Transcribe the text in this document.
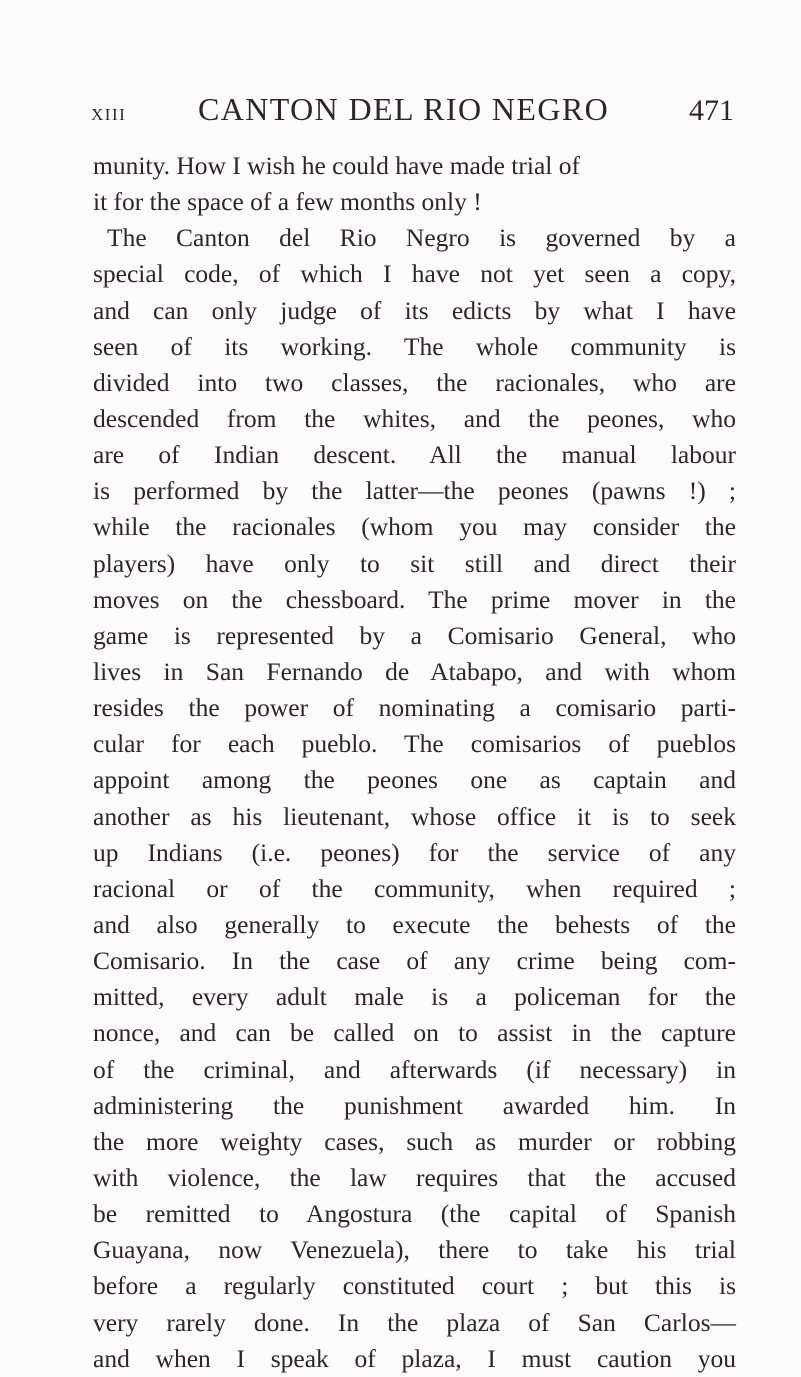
XIII CANTON DEL RIO NEGRO	471
munity. How I wish he could have made trial of
it for the space of a few months only !
The Canton del Rio Negro is governed by a
special code, of which I have not yet seen a copy,
and can only judge of its edicts by what I have
seen of its working. The whole community is
divided into two classes, the racionales, who are
descended from the whites, and the peones, who
are of Indian descent. All the manual labour
is performed by the latter—the peones (pawns !) ;
while the racionales (whom you may consider the
players) have only to sit still and direct their
moves on the chessboard. The prime mover in the
game is represented by a Comisario General, who
lives in San Fernando de Atabapo, and with whom
resides the power of nominating a comisario parti-
cular for each pueblo. The comisarios of pueblos
appoint among the peones one as captain and
another as his lieutenant, whose office it is to seek
up Indians (i.e. peones) for the service of any
racional or of the community, when required ;
and also generally to execute the behests of the
Comisario. In the case of any crime being com-
mitted, every adult male is a policeman for the
nonce, and can be called on to assist in the capture
of the criminal, and afterwards (if necessary) in
administering the punishment awarded him. In
the more weighty cases, such as murder or robbing
with violence, the law requires that the accused
be remitted to Angostura (the capital of Spanish
Guayana, now Venezuela), there to take his trial
before a regularly constituted court ; but this is
very rarely done. In the plaza of San Carlos—
and when I speak of plaza, I must caution you
